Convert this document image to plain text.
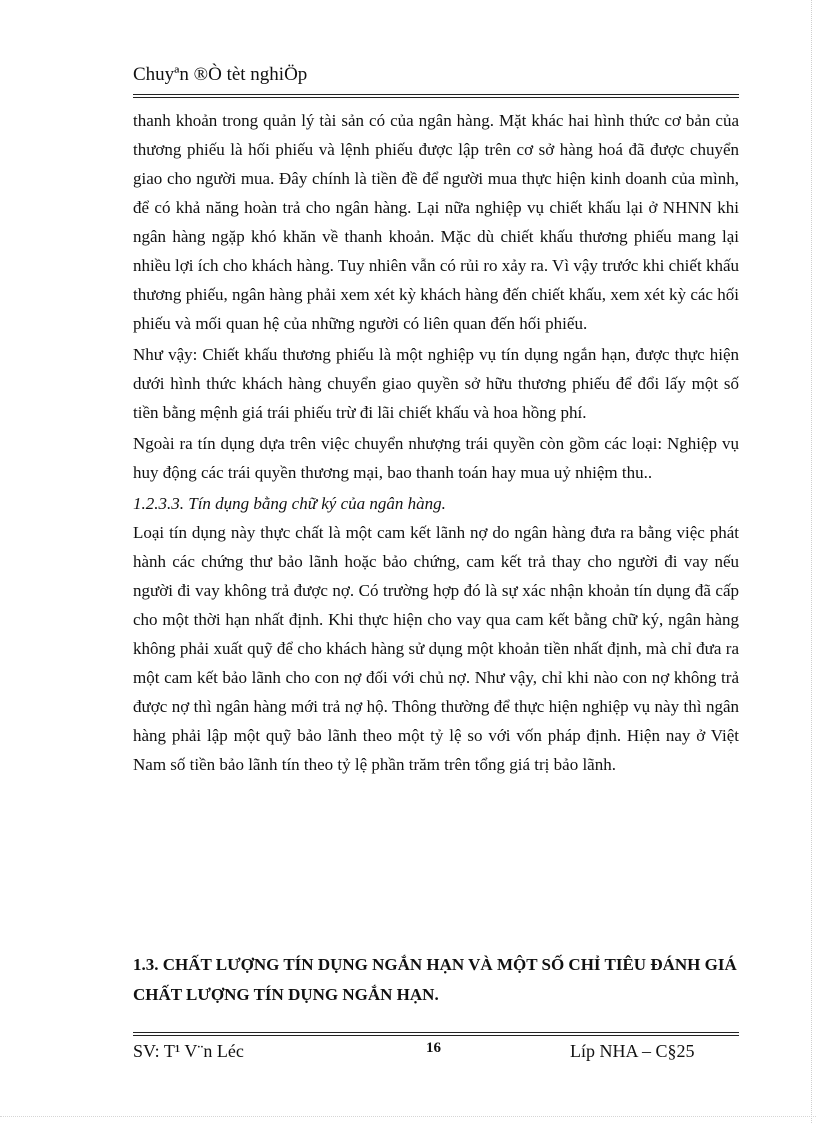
Chuyªn ®Ò tèt nghiÖp

thanh khoản trong quản lý tài sản có của ngân hàng. Mặt khác hai hình thức cơ bản của thương phiếu là hối phiếu và lệnh phiếu được lập trên cơ sở hàng hoá đã được chuyển giao cho người mua. Đây chính là tiền đề để người mua thực hiện kinh doanh của mình, để có khả năng hoàn trả cho ngân hàng. Lại nữa nghiệp vụ chiết khấu lại ở NHNN khi ngân hàng ngặp khó khăn về thanh khoản. Mặc dù chiết khấu thương phiếu mang lại nhiều lợi ích cho khách hàng. Tuy nhiên vẫn có rủi ro xảy ra. Vì vậy trước khi chiết khấu thương phiếu, ngân hàng phải xem xét kỳ khách hàng đến chiết khấu, xem xét kỳ các hối phiếu và mối quan hệ của những người có liên quan đến hối phiếu.

Như vậy: Chiết khấu thương phiếu là một nghiệp vụ tín dụng ngắn hạn, được thực hiện dưới hình thức khách hàng chuyển giao quyền sở hữu thương phiếu để đổi lấy một số tiền bằng mệnh giá trái phiếu trừ đi lãi chiết khấu và hoa hồng phí.

Ngoài ra tín dụng dựa trên việc chuyển nhượng trái quyền còn gồm các loại: Nghiệp vụ huy động các trái quyền thương mại, bao thanh toán hay mua uỷ nhiệm thu..

1.2.3.3. Tín dụng bằng chữ ký của ngân hàng.

Loại tín dụng này thực chất là một cam kết lãnh nợ do ngân hàng đưa ra bằng việc phát hành các chứng thư bảo lãnh hoặc bảo chứng, cam kết trả thay cho người đi vay nếu người đi vay không trả được nợ. Có trường hợp đó là sự xác nhận khoản tín dụng đã cấp cho một thời hạn nhất định. Khi thực hiện cho vay qua cam kết bằng chữ ký, ngân hàng không phải xuất quỹ để cho khách hàng sử dụng một khoản tiền nhất định, mà chỉ đưa ra một cam kết bảo lãnh cho con nợ đối với chủ nợ. Như vậy, chỉ khi nào con nợ không trả được nợ thì ngân hàng mới trả nợ hộ. Thông thường để thực hiện nghiệp vụ này thì ngân hàng phải lập một quỹ bảo lãnh theo một tỷ lệ so với vốn pháp định. Hiện nay ở Việt Nam số tiền bảo lãnh tín theo tỷ lệ phần trăm trên tổng giá trị bảo lãnh.

1.3. CHẤT LƯỢNG TÍN DỤNG NGẮN HẠN VÀ MỘT SỐ CHỈ TIÊU ĐÁNH GIÁ CHẤT LƯỢNG TÍN DỤNG NGẮN HẠN.
SV: T¹ V¨n Léc	16	Líp NHA – C§25
